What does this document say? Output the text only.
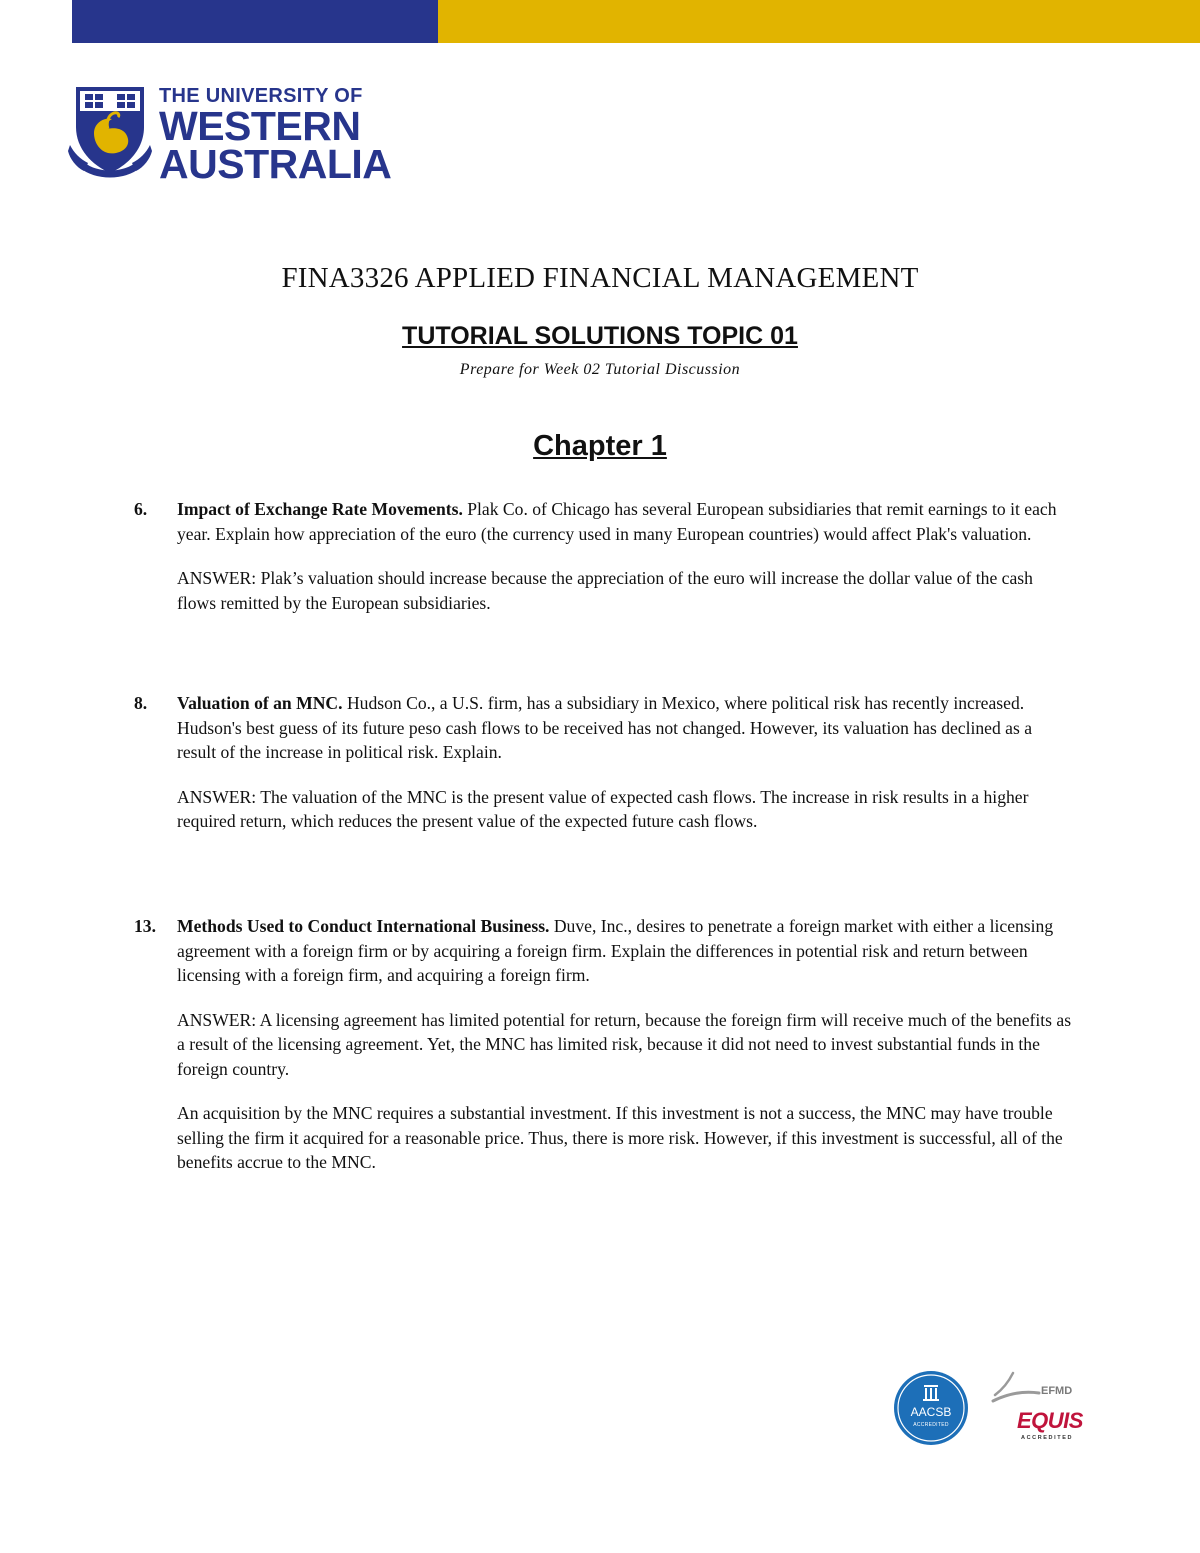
THE UNIVERSITY OF
WESTERN
AUSTRALIA
FINA3326 APPLIED FINANCIAL MANAGEMENT
TUTORIAL SOLUTIONS TOPIC 01
Prepare for Week 02 Tutorial Discussion
Chapter 1
6.	Impact of Exchange Rate Movements. Plak Co. of Chicago has several European subsidiaries that remit earnings to it each year. Explain how appreciation of the euro (the currency used in many European countries) would affect Plak's valuation.

ANSWER: Plak’s valuation should increase because the appreciation of the euro will increase the dollar value of the cash flows remitted by the European subsidiaries.

8.	Valuation of an MNC. Hudson Co., a U.S. firm, has a subsidiary in Mexico, where political risk has recently increased. Hudson's best guess of its future peso cash flows to be received has not changed. However, its valuation has declined as a result of the increase in political risk. Explain.

ANSWER: The valuation of the MNC is the present value of expected cash flows. The increase in risk results in a higher required return, which reduces the present value of the expected future cash flows.

13.	Methods Used to Conduct International Business. Duve, Inc., desires to penetrate a foreign market with either a licensing agreement with a foreign firm or by acquiring a foreign firm. Explain the differences in potential risk and return between licensing with a foreign firm, and acquiring a foreign firm.

ANSWER: A licensing agreement has limited potential for return, because the foreign firm will receive much of the benefits as a result of the licensing agreement. Yet, the MNC has limited risk, because it did not need to invest substantial funds in the foreign country.

An acquisition by the MNC requires a substantial investment. If this investment is not a success, the MNC may have trouble selling the firm it acquired for a reasonable price. Thus, there is more risk. However, if this investment is successful, all of the benefits accrue to the MNC.

AACSB
ACCREDITED
EFMD
EQUIS
ACCREDITED
